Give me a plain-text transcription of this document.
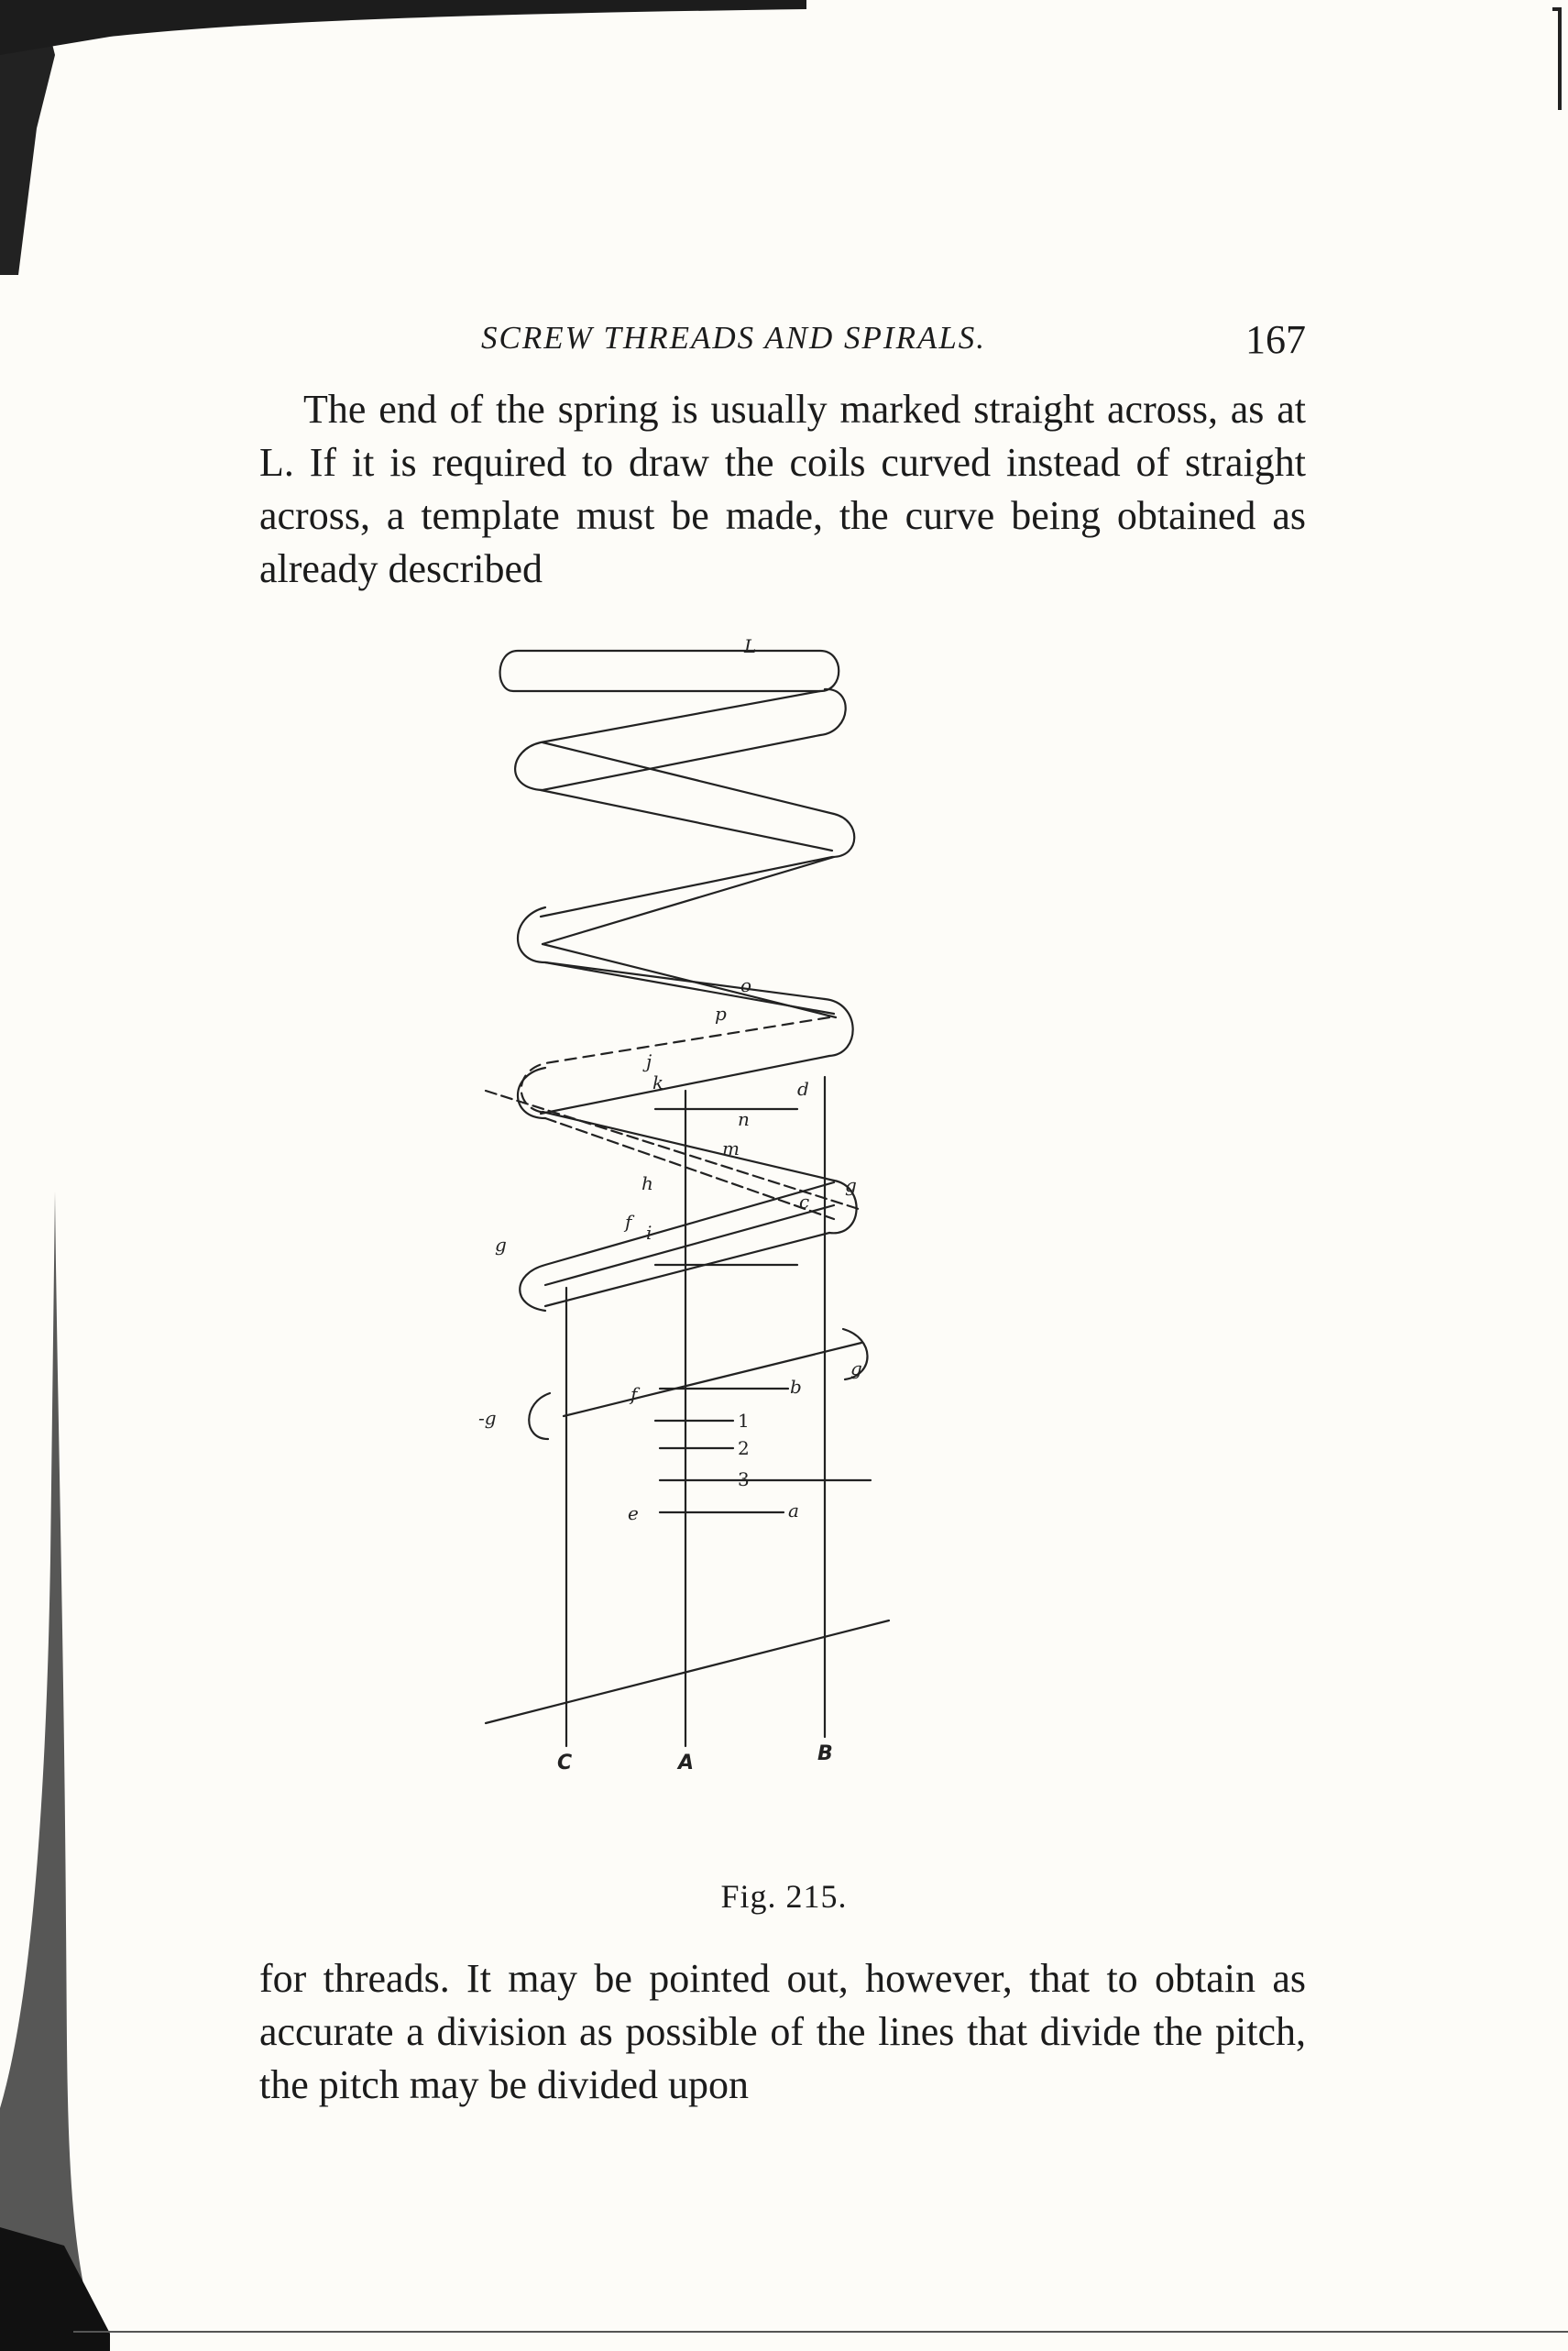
SCREW THREADS AND SPIRALS.	167

The end of the spring is usually marked straight across, as at L. If it is required to draw the coils curved instead of straight across, a template must be made, the curve being obtained as already described

L
o
p
j
d
k
n
m
g
h
c
f i
g
g
b
f
-g	1
2
3
a
e
C	A	B
Fig. 215.

for threads. It may be pointed out, however, that to obtain as accurate a division as possible of the lines that divide the pitch, the pitch may be divided upon
